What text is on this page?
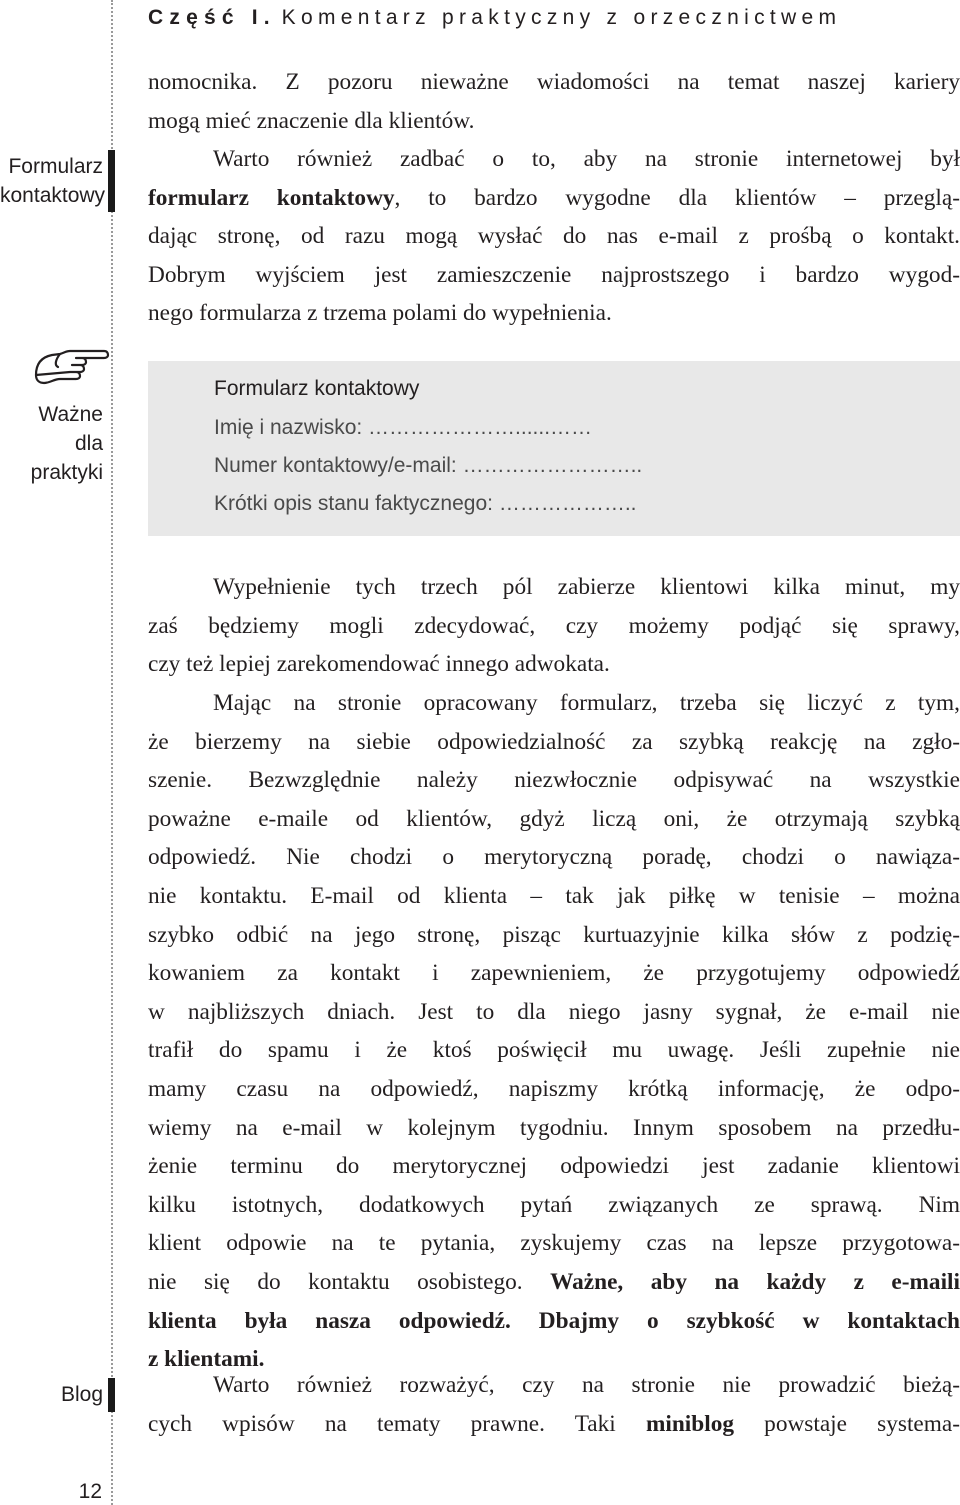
Część I. Komentarz praktyczny z orzecznictwem
Formularz
kontaktowy
Ważne
dla
praktyki
nomocnika. Z pozoru nieważne wiadomości na temat naszej kariery
mogą mieć znaczenie dla klientów.
Warto również zadbać o to, aby na stronie internetowej był
formularz kontaktowy, to bardzo wygodne dla klientów – przeglą-
dając stronę, od razu mogą wysłać do nas e-mail z prośbą o kontakt.
Dobrym wyjściem jest zamieszczenie najprostszego i bardzo wygod-
nego formularza z trzema polami do wypełnienia.
Formularz kontaktowy
Imię i nazwisko: …………………......……
Numer kontaktowy/e-mail: ……………………..
Krótki opis stanu faktycznego: ………………..
Wypełnienie tych trzech pól zabierze klientowi kilka minut, my
zaś będziemy mogli zdecydować, czy możemy podjąć się sprawy,
czy też lepiej zarekomendować innego adwokata.
Mając na stronie opracowany formularz, trzeba się liczyć z tym,
że bierzemy na siebie odpowiedzialność za szybką reakcję na zgło-
szenie. Bezwzględnie należy niezwłocznie odpisywać na wszystkie
poważne e-maile od klientów, gdyż liczą oni, że otrzymają szybką
odpowiedź. Nie chodzi o merytoryczną poradę, chodzi o nawiąza-
nie kontaktu. E-mail od klienta – tak jak piłkę w tenisie – można
szybko odbić na jego stronę, pisząc kurtuazyjnie kilka słów z podzię-
kowaniem za kontakt i zapewnieniem, że przygotujemy odpowiedź
w najbliższych dniach. Jest to dla niego jasny sygnał, że e-mail nie
trafił do spamu i że ktoś poświęcił mu uwagę. Jeśli zupełnie nie
mamy czasu na odpowiedź, napiszmy krótką informację, że odpo-
wiemy na e-mail w kolejnym tygodniu. Innym sposobem na przedłu-
żenie terminu do merytorycznej odpowiedzi jest zadanie klientowi
kilku istotnych, dodatkowych pytań związanych ze sprawą. Nim
klient odpowie na te pytania, zyskujemy czas na lepsze przygotowa-
nie się do kontaktu osobistego. Ważne, aby na każdy z e-maili
klienta była nasza odpowiedź. Dbajmy o szybkość w kontaktach
z klientami.
Blog	Warto również rozważyć, czy na stronie nie prowadzić bieżą-
cych wpisów na tematy prawne. Taki miniblog powstaje systema-
12
